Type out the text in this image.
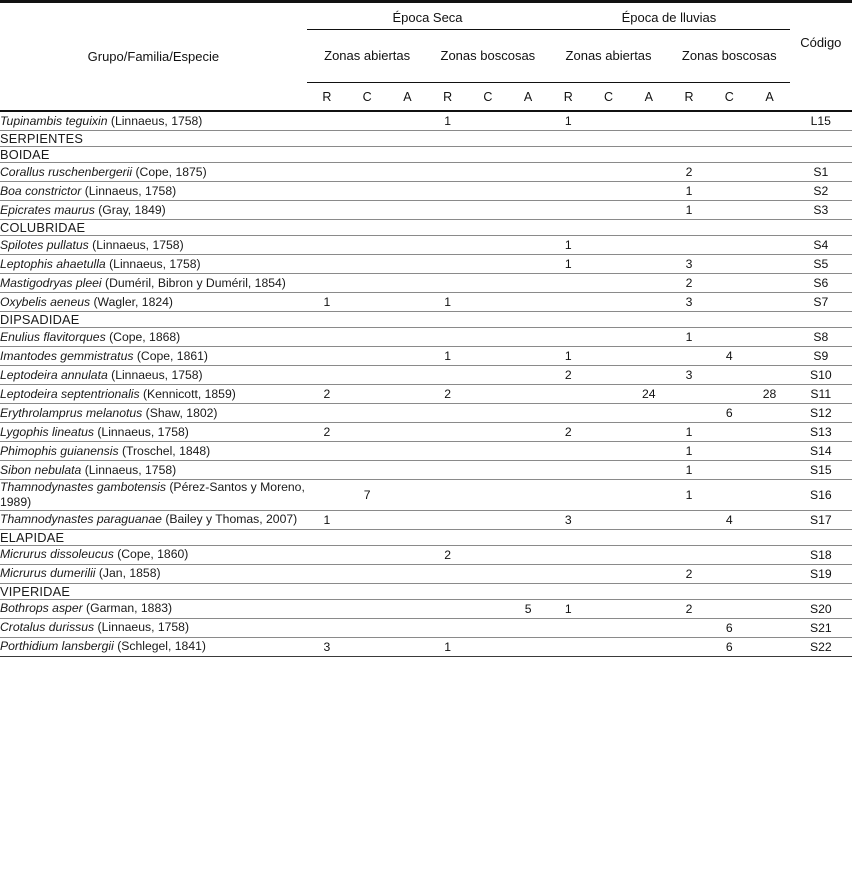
Grupo/Familia/Especie	Época Seca						Época de lluvias						Código
	Zonas abiertas			Zonas boscosas			Zonas abiertas			Zonas boscosas			
	R	C	A	R	C	A	R	C	A	R	C	A	

Tupinambis teguixin (Linnaeus, 1758)				1			1						L15
SERPIENTES													
BOIDAE													
Corallus ruschenbergerii (Cope, 1875)										2			S1
Boa constrictor (Linnaeus, 1758)										1			S2
Epicrates maurus (Gray, 1849)										1			S3
COLUBRIDAE													
Spilotes pullatus (Linnaeus, 1758)							1						S4
Leptophis ahaetulla (Linnaeus, 1758)							1			3			S5
Mastigodryas pleei (Duméril, Bibron y Duméril, 1854)										2			S6
Oxybelis aeneus (Wagler, 1824)	1			1						3			S7
DIPSADIDAE													
Enulius flavitorques (Cope, 1868)										1			S8
Imantodes gemmistratus (Cope, 1861)				1			1				4		S9
Leptodeira annulata (Linnaeus, 1758)							2			3			S10
Leptodeira septentrionalis (Kennicott, 1859)	2			2					24			28	S11
Erythrolamprus melanotus (Shaw, 1802)											6		S12
Lygophis lineatus (Linnaeus, 1758)	2						2			1			S13
Phimophis guianensis (Troschel, 1848)										1			S14
Sibon nebulata (Linnaeus, 1758)										1			S15
Thamnodynastes gambotensis (Pérez-Santos y Moreno, 1989)		7								1			S16
Thamnodynastes paraguanae (Bailey y Thomas, 2007)	1						3				4		S17
ELAPIDAE													
Micrurus dissoleucus (Cope, 1860)				2									S18
Micrurus dumerilii (Jan, 1858)										2			S19
VIPERIDAE													
Bothrops asper (Garman, 1883)						5	1			2			S20
Crotalus durissus (Linnaeus, 1758)											6		S21
Porthidium lansbergii (Schlegel, 1841)	3			1							6		S22
